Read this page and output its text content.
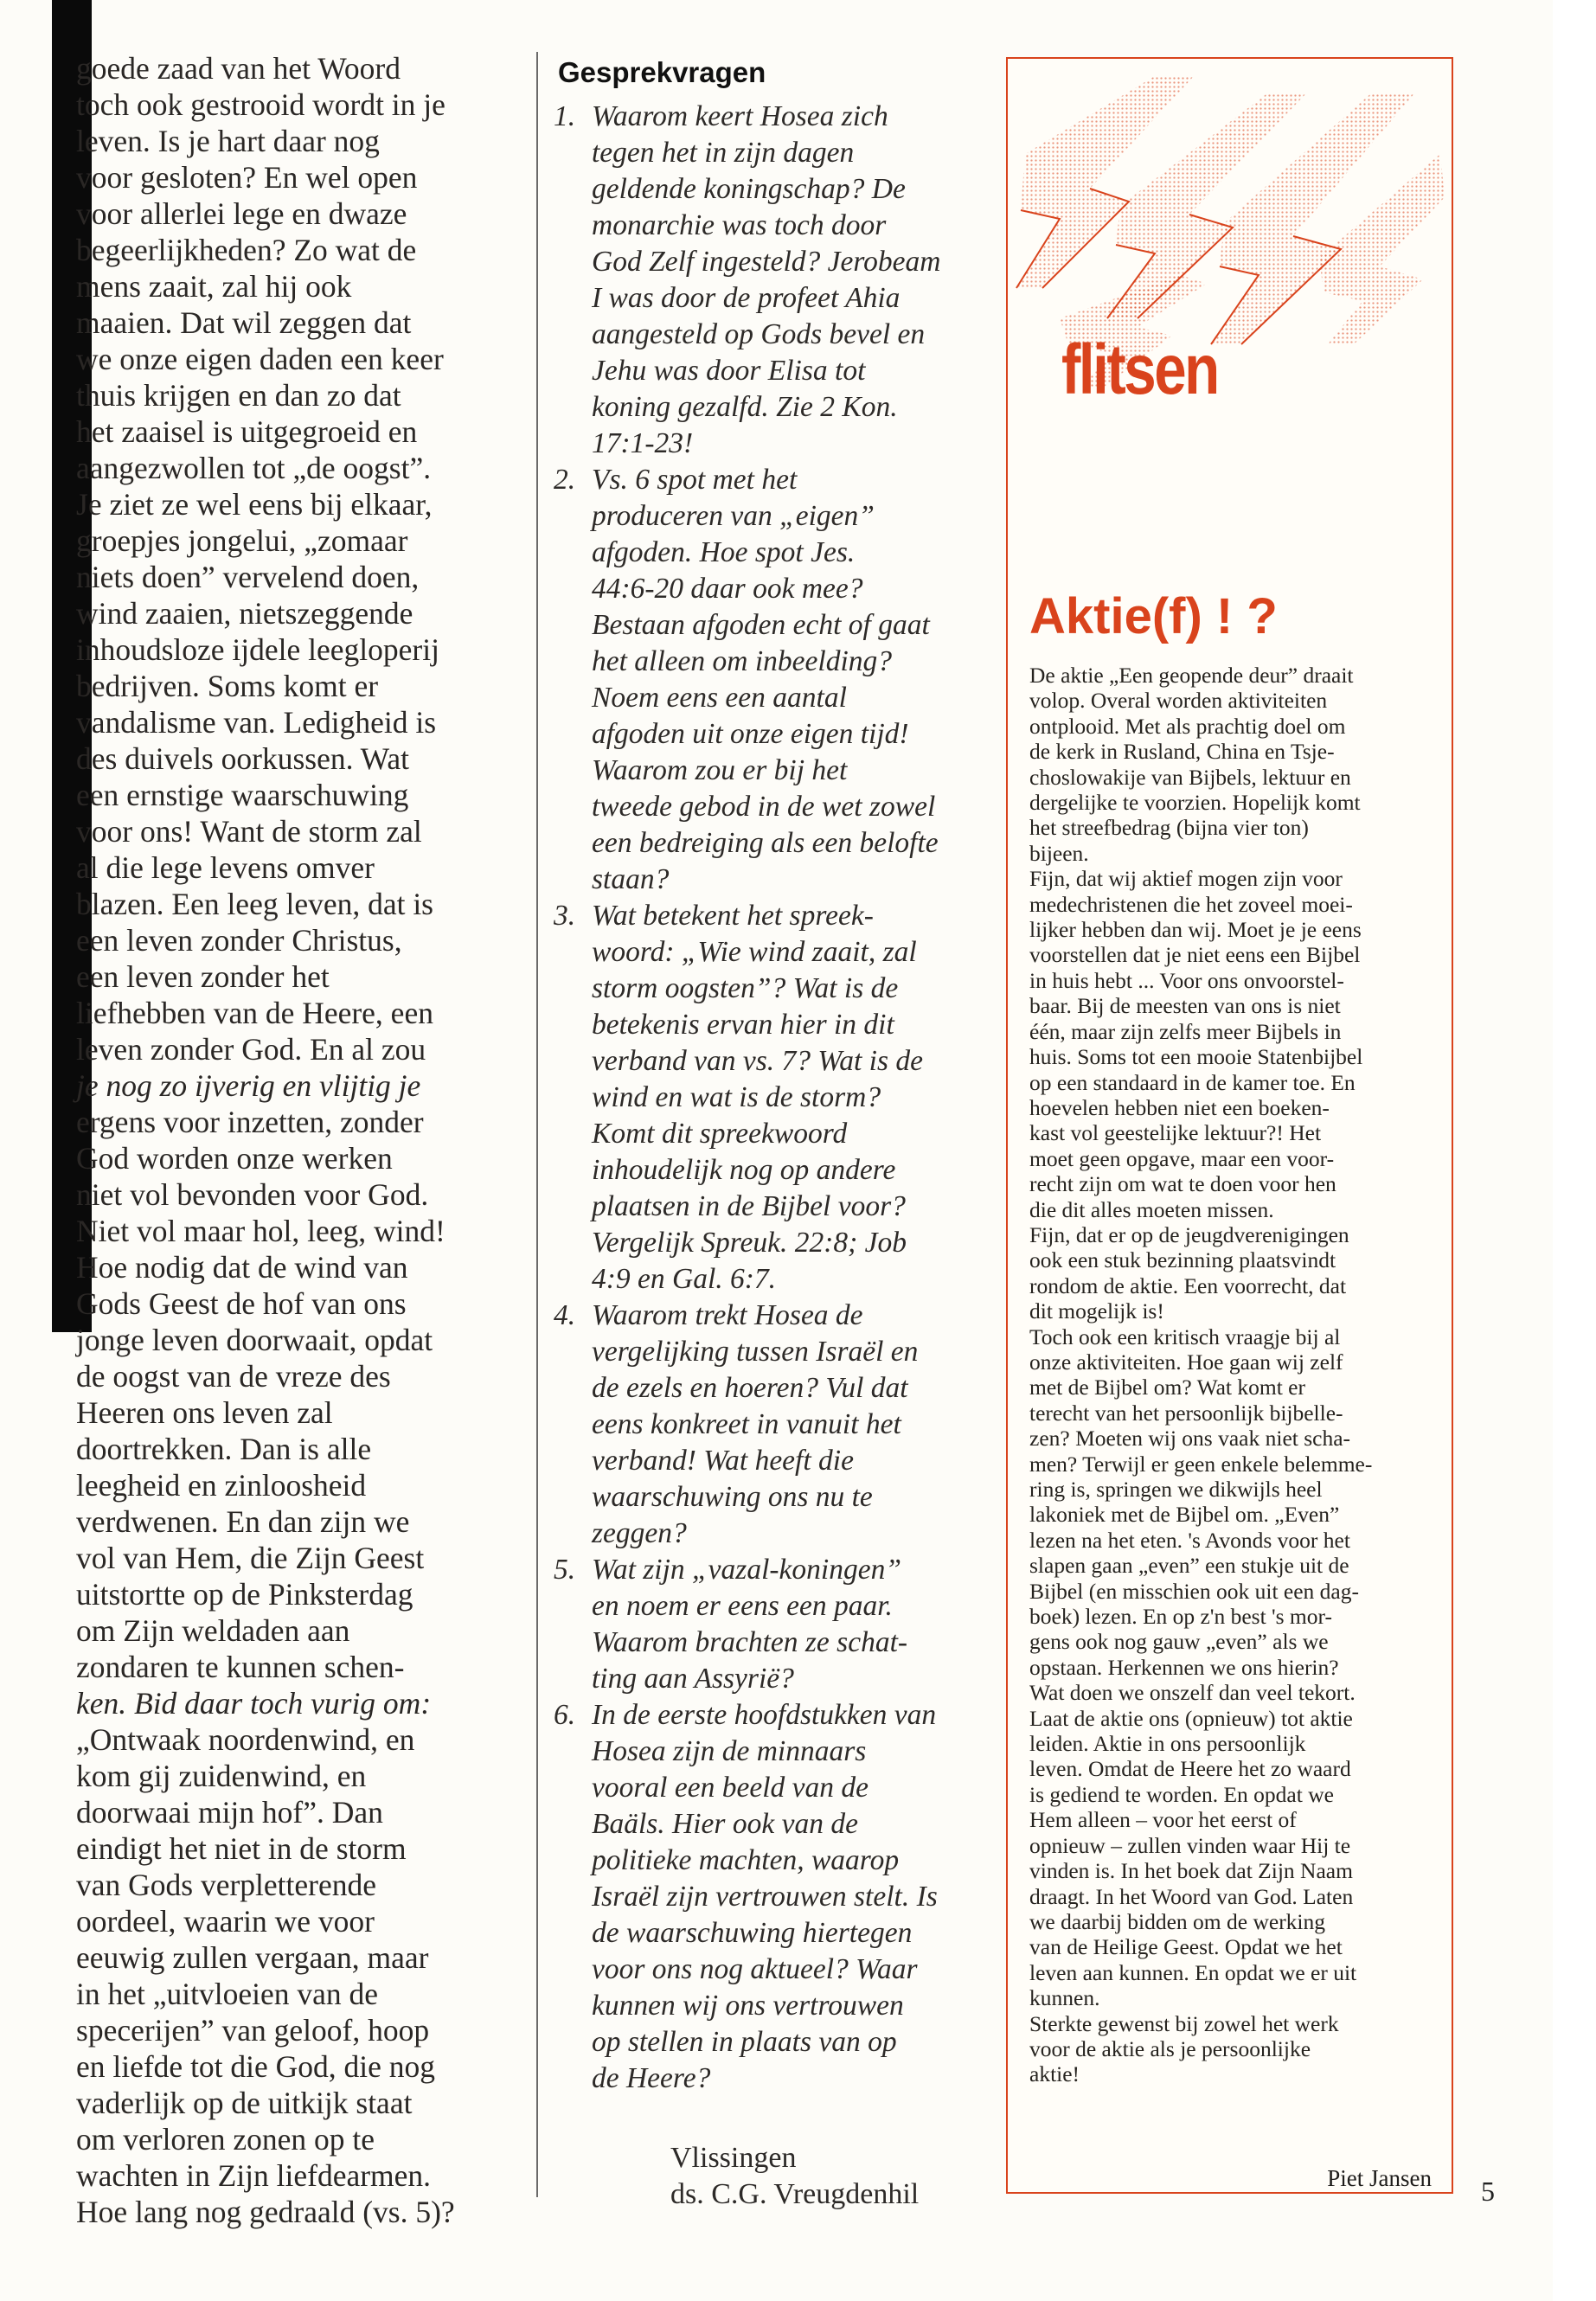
goede zaad van het Woord
toch ook gestrooid wordt in je
leven. Is je hart daar nog
voor gesloten? En wel open
voor allerlei lege en dwaze
begeerlijkheden? Zo wat de
mens zaait, zal hij ook
maaien. Dat wil zeggen dat
we onze eigen daden een keer
thuis krijgen en dan zo dat
het zaaisel is uitgegroeid en
aangezwollen tot „de oogst”.
Je ziet ze wel eens bij elkaar,
groepjes jongelui, „zomaar
niets doen” vervelend doen,
wind zaaien, nietszeggende
inhoudsloze ijdele leegloperij
bedrijven. Soms komt er
vandalisme van. Ledigheid is
des duivels oorkussen. Wat
een ernstige waarschuwing
voor ons! Want de storm zal
al die lege levens omver
blazen. Een leeg leven, dat is
een leven zonder Christus,
een leven zonder het
liefhebben van de Heere, een
leven zonder God. En al zou
je nog zo ijverig en vlijtig je
ergens voor inzetten, zonder
God worden onze werken
niet vol bevonden voor God.
Niet vol maar hol, leeg, wind!
Hoe nodig dat de wind van
Gods Geest de hof van ons
jonge leven doorwaait, opdat
de oogst van de vreze des
Heeren ons leven zal
doortrekken. Dan is alle
leegheid en zinloosheid
verdwenen. En dan zijn we
vol van Hem, die Zijn Geest
uitstortte op de Pinksterdag
om Zijn weldaden aan
zondaren te kunnen schen-
ken. Bid daar toch vurig om:
„Ontwaak noordenwind, en
kom gij zuidenwind, en
doorwaai mijn hof”. Dan
eindigt het niet in de storm
van Gods verpletterende
oordeel, waarin we voor
eeuwig zullen vergaan, maar
in het „uitvloeien van de
specerijen” van geloof, hoop
en liefde tot die God, die nog
vaderlijk op de uitkijk staat
om verloren zonen op te
wachten in Zijn liefdearmen.
Hoe lang nog gedraald (vs. 5)?
Gesprekvragen
1. Waarom keert Hosea zich
tegen het in zijn dagen
geldende koningschap? De
monarchie was toch door
God Zelf ingesteld? Jerobeam
I was door de profeet Ahia
aangesteld op Gods bevel en
Jehu was door Elisa tot
koning gezalfd. Zie 2 Kon.
17:1-23!
2. Vs. 6 spot met het
produceren van „eigen”
afgoden. Hoe spot Jes.
44:6-20 daar ook mee?
Bestaan afgoden echt of gaat
het alleen om inbeelding?
Noem eens een aantal
afgoden uit onze eigen tijd!
Waarom zou er bij het
tweede gebod in de wet zowel
een bedreiging als een belofte
staan?
3. Wat betekent het spreek-
woord: „Wie wind zaait, zal
storm oogsten”? Wat is de
betekenis ervan hier in dit
verband van vs. 7? Wat is de
wind en wat is de storm?
Komt dit spreekwoord
inhoudelijk nog op andere
plaatsen in de Bijbel voor?
Vergelijk Spreuk. 22:8; Job
4:9 en Gal. 6:7.
4. Waarom trekt Hosea de
vergelijking tussen Israël en
de ezels en hoeren? Vul dat
eens konkreet in vanuit het
verband! Wat heeft die
waarschuwing ons nu te
zeggen?
5. Wat zijn „vazal-koningen”
en noem er eens een paar.
Waarom brachten ze schat-
ting aan Assyrië?
6. In de eerste hoofdstukken van
Hosea zijn de minnaars
vooral een beeld van de
Baäls. Hier ook van de
politieke machten, waarop
Israël zijn vertrouwen stelt. Is
de waarschuwing hiertegen
voor ons nog aktueel? Waar
kunnen wij ons vertrouwen
op stellen in plaats van op
de Heere?
Vlissingen
ds. C.G. Vreugdenhil
flitsen
Aktie(f) ! ?
De aktie „Een geopende deur” draait
volop. Overal worden aktiviteiten
ontplooid. Met als prachtig doel om
de kerk in Rusland, China en Tsje-
choslowakije van Bijbels, lektuur en
dergelijke te voorzien. Hopelijk komt
het streefbedrag (bijna vier ton)
bijeen.
Fijn, dat wij aktief mogen zijn voor
medechristenen die het zoveel moei-
lijker hebben dan wij. Moet je je eens
voorstellen dat je niet eens een Bijbel
in huis hebt ... Voor ons onvoorstel-
baar. Bij de meesten van ons is niet
één, maar zijn zelfs meer Bijbels in
huis. Soms tot een mooie Statenbijbel
op een standaard in de kamer toe. En
hoevelen hebben niet een boeken-
kast vol geestelijke lektuur?! Het
moet geen opgave, maar een voor-
recht zijn om wat te doen voor hen
die dit alles moeten missen.
Fijn, dat er op de jeugdverenigingen
ook een stuk bezinning plaatsvindt
rondom de aktie. Een voorrecht, dat
dit mogelijk is!
Toch ook een kritisch vraagje bij al
onze aktiviteiten. Hoe gaan wij zelf
met de Bijbel om? Wat komt er
terecht van het persoonlijk bijbelle-
zen? Moeten wij ons vaak niet scha-
men? Terwijl er geen enkele belemme-
ring is, springen we dikwijls heel
lakoniek met de Bijbel om. „Even”
lezen na het eten. 's Avonds voor het
slapen gaan „even” een stukje uit de
Bijbel (en misschien ook uit een dag-
boek) lezen. En op z'n best 's mor-
gens ook nog gauw „even” als we
opstaan. Herkennen we ons hierin?
Wat doen we onszelf dan veel tekort.
Laat de aktie ons (opnieuw) tot aktie
leiden. Aktie in ons persoonlijk
leven. Omdat de Heere het zo waard
is gediend te worden. En opdat we
Hem alleen – voor het eerst of
opnieuw – zullen vinden waar Hij te
vinden is. In het boek dat Zijn Naam
draagt. In het Woord van God. Laten
we daarbij bidden om de werking
van de Heilige Geest. Opdat we het
leven aan kunnen. En opdat we er uit
kunnen.
Sterkte gewenst bij zowel het werk
voor de aktie als je persoonlijke
aktie!
Piet Jansen 5
